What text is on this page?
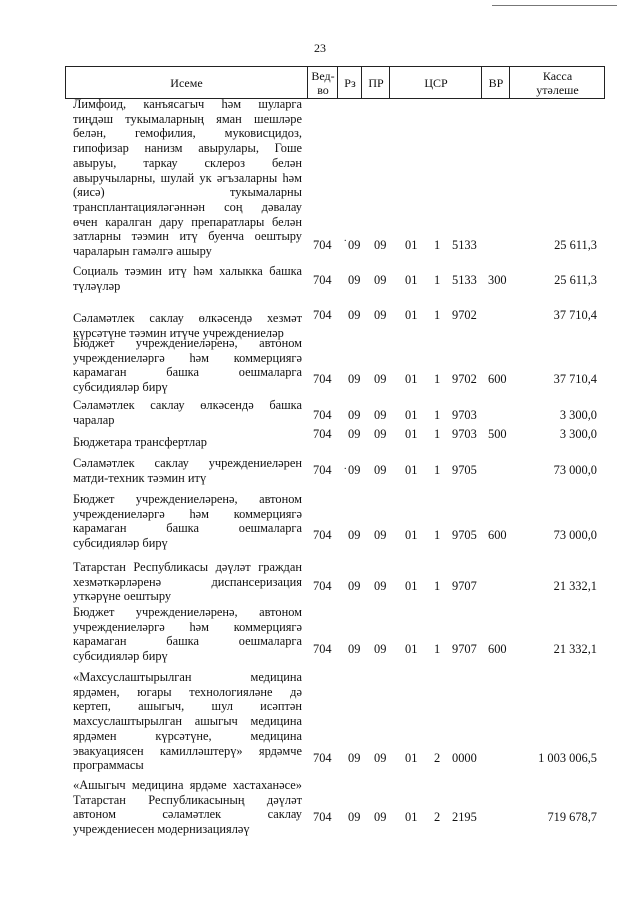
23
Исеме	Вед-
во	Рз	ПР	ЦСР	ВР	Касса
утәлеше
Лимфоид, канъясагыч һәм шуларга
тиңдәш тукымаларның яман шешләре
белән, гемофилия, муковисцидоз,
гипофизар нанизм авырулары, Гоше
авыруы, таркау склероз белән
авыручыларны, шулай ук әгъзаларны һәм
(яисә) тукымаларны
трансплантацияләгәннән соң дәвалау
өчен каралган дару препаратлары белән
затларны тәэмин итү буенча оештыру
чараларын гамәлгә ашыру	704 09 09 01 1 5133	25 611,3
Социаль тәэмин итү һәм халыкка башка
түләүләр	704 09 09 01 1 5133 300	25 611,3
Сәламәтлек саклау өлкәсендә хезмәт
күрсәтүне тәэмин итүче учреждениеләр
704 09 09 01 1 9702	37 710,4
Бюджет учреждениеләренә, автоном
учреждениеләргә һәм коммерциягә
карамаган башка оешмаларга
субсидияләр бирү
704 09 09 01 1 9702 600	37 710,4
Сәламәтлек саклау өлкәсендә башка
чаралар	704 09 09 01 1 9703	3 300,0
Бюджетара трансфертлар
704 09 09 01 1 9703 500	3 300,0
Сәламәтлек саклау учреждениеләрен
матди-техник тәэмин итү
704 09 09 01 1 9705	73 000,0
Бюджет учреждениеләренә, автоном
учреждениеләргә һәм коммерциягә
карамаган башка оешмаларга
субсидияләр бирү
704 09 09 01 1 9705 600	73 000,0
Татарстан Республикасы дәүләт граждан
хезмәткәрләренә диспансеризация
уткәрүне оештыру
704 09 09 01 1 9707	21 332,1
Бюджет учреждениеләренә, автоном
учреждениеләргә һәм коммерциягә
карамаган башка оешмаларга
субсидияләр бирү
704 09 09 01 1 9707 600	21 332,1
«Махсуслаштырылган медицина
ярдәмен, югары технологияләне дә
кертеп, ашыгыч, шул исәптән
махсуслаштырылган ашыгыч медицина
ярдәмен күрсәтүне, медицина
эвакуациясен камилләштерү» ярдәмче
программасы
704 09 09 01 2 0000	1 003 006,5
«Ашыгыч медицина ярдәме хастаханәсе»
Татарстан Республикасының дәүләт
автоном сәламәтлек саклау
учреждениесен модернизацияләү
704 09 09 01 2 2195	719 678,7
.
.
